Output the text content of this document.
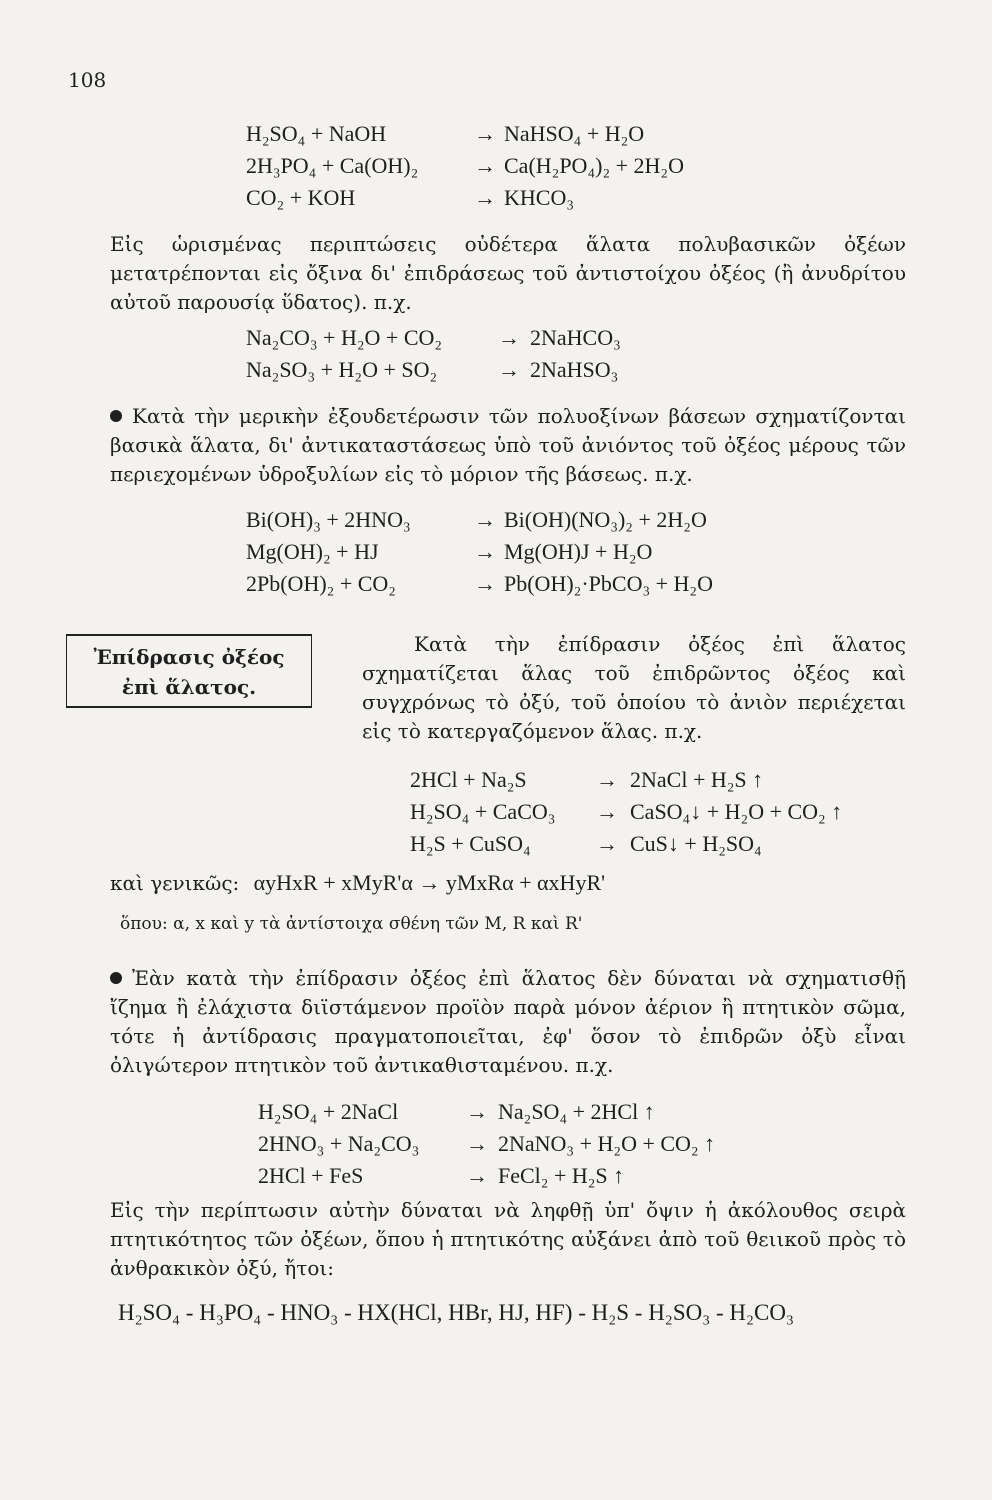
108
H₂SO₄ + NaOH	→ NaHSO₄ + H₂O
2H₃PO₄ + Ca(OH)₂	→ Ca(H₂PO₄)₂ + 2H₂O
CO₂ + KOH	→ KHCO₃
Εἰς ὡρισμένας περιπτώσεις οὐδέτερα ἅλατα πολυβασικῶν ὀξέων μετατρέπονται εἰς ὄξινα δι' ἐπιδράσεως τοῦ ἀντιστοίχου ὀξέος (ἢ ἀνυδρίτου αὐτοῦ παρουσίᾳ ὕδατος). π.χ.
Na₂CO₃ + H₂O + CO₂	→ 2NaHCO₃
Na₂SO₃ + H₂O + SO₂	→ 2NaHSO₃
Κατὰ τὴν μερικὴν ἐξουδετέρωσιν τῶν πολυοξίνων βάσεων σχηματίζονται βασικὰ ἅλατα, δι' ἀντικαταστάσεως ὑπὸ τοῦ ἀνιόντος τοῦ ὀξέος μέρους τῶν περιεχομένων ὑδροξυλίων εἰς τὸ μόριον τῆς βάσεως. π.χ.
Bi(OH)₃ + 2HNO₃	→ Bi(OH)(NO₃)₂ + 2H₂O
Mg(OH)₂ + HJ	→ Mg(OH)J + H₂O
2Pb(OH)₂ + CO₂	→ Pb(OH)₂·PbCO₃ + H₂O
Ἐπίδρασις ὀξέος
ἐπὶ ἅλατος.
Κατὰ τὴν ἐπίδρασιν ὀξέος ἐπὶ ἅλατος σχηματίζεται ἅλας τοῦ ἐπιδρῶντος ὀξέος καὶ συγχρόνως τὸ ὀξύ, τοῦ ὁποίου τὸ ἀνιὸν περιέχεται εἰς τὸ κατεργαζόμενον ἅλας. π.χ.
2HCl + Na₂S	→ 2NaCl + H₂S ↑
H₂SO₄ + CaCO₃ → CaSO₄↓ + H₂O + CO₂ ↑
H₂S + CuSO₄	→ CuS↓ + H₂SO₄
καὶ γενικῶς: αyHxR + xMyR'α → yMxRα + αxHyR'
ὅπου: α, x καὶ y τὰ ἀντίστοιχα σθένη τῶν M, R καὶ R'
Ἐὰν κατὰ τὴν ἐπίδρασιν ὀξέος ἐπὶ ἅλατος δὲν δύναται νὰ σχηματισθῇ ἴζημα ἢ ἐλάχιστα διϊστάμενον προϊὸν παρὰ μόνον ἀέριον ἢ πτητικὸν σῶμα, τότε ἡ ἀντίδρασις πραγματοποιεῖται, ἐφ' ὅσον τὸ ἐπιδρῶν ὀξὺ εἶναι ὀλιγώτερον πτητικὸν τοῦ ἀντικαθισταμένου. π.χ.
H₂SO₄ + 2NaCl	→ Na₂SO₄ + 2HCl ↑
2HNO₃ + Na₂CO₃ → 2NaNO₃ + H₂O + CO₂ ↑
2HCl + FeS	→ FeCl₂ + H₂S ↑
Εἰς τὴν περίπτωσιν αὐτὴν δύναται νὰ ληφθῇ ὑπ' ὄψιν ἡ ἀκόλουθος σειρὰ πτητικότητος τῶν ὀξέων, ὅπου ἡ πτητικότης αὐξάνει ἀπὸ τοῦ θειικοῦ πρὸς τὸ ἀνθρακικὸν ὀξύ, ἤτοι:
H₂SO₄ - H₃PO₄ - HNO₃ - HX(HCl, HBr, HJ, HF) - H₂S - H₂SO₃ - H₂CO₃
